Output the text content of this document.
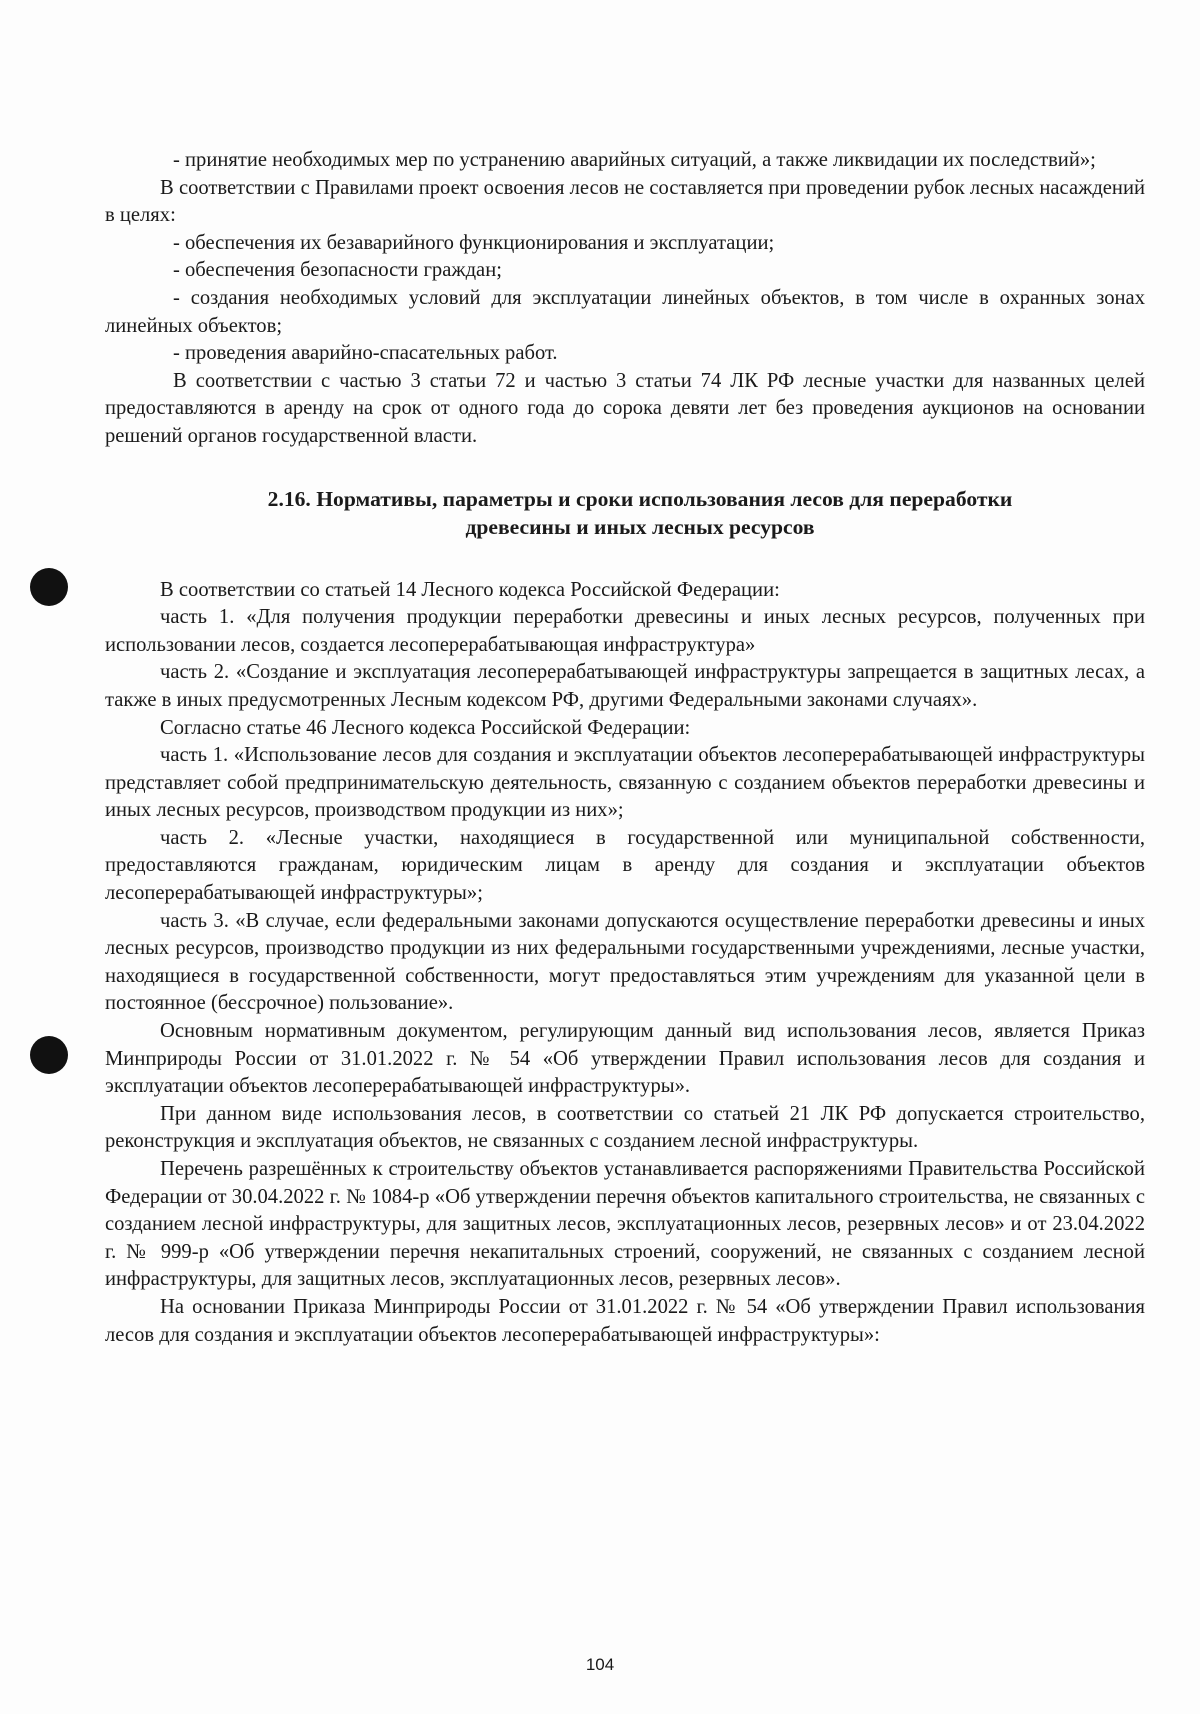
- принятие необходимых мер по устранению аварийных ситуаций, а также ликвидации их последствий»;

В соответствии с Правилами проект освоения лесов не составляется при проведении рубок лесных насаждений в целях:

- обеспечения их безаварийного функционирования и эксплуатации;

- обеспечения безопасности граждан;

- создания необходимых условий для эксплуатации линейных объектов, в том числе в охранных зонах линейных объектов;

- проведения аварийно-спасательных работ.

В соответствии с частью 3 статьи 72 и частью 3 статьи 74 ЛК РФ лесные участки для названных целей предоставляются в аренду на срок от одного года до сорока девяти лет без проведения аукционов на основании решений органов государственной власти.

2.16. Нормативы, параметры и сроки использования лесов для переработки
древесины и иных лесных ресурсов

В соответствии со статьей 14 Лесного кодекса Российской Федерации:

часть 1. «Для получения продукции переработки древесины и иных лесных ресурсов, полученных при использовании лесов, создается лесоперерабатывающая инфраструктура»

часть 2. «Создание и эксплуатация лесоперерабатывающей инфраструктуры запрещается в защитных лесах, а также в иных предусмотренных Лесным кодексом РФ, другими Федеральными законами случаях».

Согласно статье 46 Лесного кодекса Российской Федерации:

часть 1. «Использование лесов для создания и эксплуатации объектов лесоперерабатывающей инфраструктуры представляет собой предпринимательскую деятельность, связанную с созданием объектов переработки древесины и иных лесных ресурсов, производством продукции из них»;

часть 2. «Лесные участки, находящиеся в государственной или муниципальной собственности, предоставляются гражданам, юридическим лицам в аренду для создания и эксплуатации объектов лесоперерабатывающей инфраструктуры»;

часть 3. «В случае, если федеральными законами допускаются осуществление переработки древесины и иных лесных ресурсов, производство продукции из них федеральными государственными учреждениями, лесные участки, находящиеся в государственной собственности, могут предоставляться этим учреждениям для указанной цели в постоянное (бессрочное) пользование».

Основным нормативным документом, регулирующим данный вид использования лесов, является Приказ Минприроды России от 31.01.2022 г. № 54 «Об утверждении Правил использования лесов для создания и эксплуатации объектов лесоперерабатывающей инфраструктуры».

При данном виде использования лесов, в соответствии со статьей 21 ЛК РФ допускается строительство, реконструкция и эксплуатация объектов, не связанных с созданием лесной инфраструктуры.

Перечень разрешённых к строительству объектов устанавливается распоряжениями Правительства Российской Федерации от 30.04.2022 г. № 1084-р «Об утверждении перечня объектов капитального строительства, не связанных с созданием лесной инфраструктуры, для защитных лесов, эксплуатационных лесов, резервных лесов» и от 23.04.2022 г. № 999-р «Об утверждении перечня некапитальных строений, сооружений, не связанных с созданием лесной инфраструктуры, для защитных лесов, эксплуатационных лесов, резервных лесов».

На основании Приказа Минприроды России от 31.01.2022 г. № 54 «Об утверждении Правил использования лесов для создания и эксплуатации объектов лесоперерабатывающей инфраструктуры»:

104
